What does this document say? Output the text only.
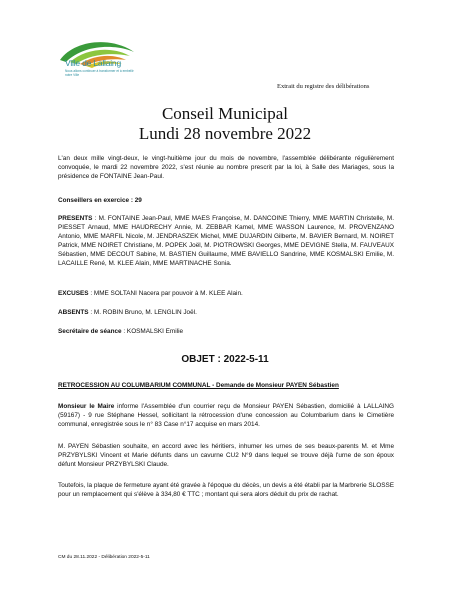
Ville de Lallaing
Nous allons continuer à transformer et à embellir notre Ville
Extrait du registre des délibérations
Conseil Municipal
Lundi 28 novembre 2022
L'an deux mille vingt-deux, le vingt-huitième jour du mois de novembre, l'assemblée délibérante régulièrement convoquée, le mardi 22 novembre 2022, s'est réunie au nombre prescrit par la loi, à Salle des Mariages, sous la présidence de FONTAINE Jean-Paul.
Conseillers en exercice : 29
PRESENTS : M. FONTAINE Jean-Paul, MME MAES Françoise, M. DANCOINE Thierry, MME MARTIN Christelle, M. PIESSET Arnaud, MME HAUDRECHY Annie, M. ZEBBAR Kamel, MME WASSON Laurence, M. PROVENZANO Antonio, MME MARFIL Nicole, M. JENDRASZEK Michel, MME DUJARDIN Gilberte, M. BAVIER Bernard, M. NOIRET Patrick, MME NOIRET Christiane, M. POPEK Joël, M. PIOTROWSKI Georges, MME DEVIGNE Stella, M. FAUVEAUX Sébastien, MME DECOUT Sabine, M. BASTIEN Guillaume, MME BAVIELLO Sandrine, MME KOSMALSKI Emilie, M. LACAILLE René, M. KLEE Alain, MME MARTINACHE Sonia.
EXCUSES : MME SOLTANI Nacera par pouvoir à M. KLEE Alain.
ABSENTS : M. ROBIN Bruno, M. LENGLIN Joël.
Secrétaire de séance : KOSMALSKI Emilie
OBJET : 2022-5-11
RETROCESSION AU COLUMBARIUM COMMUNAL - Demande de Monsieur PAYEN Sébastien
Monsieur le Maire informe l'Assemblée d'un courrier reçu de Monsieur PAYEN Sébastien, domicilié à LALLAING (59167) - 9 rue Stéphane Hessel, sollicitant la rétrocession d'une concession au Columbarium dans le Cimetière communal, enregistrée sous le n° 83 Case n°17 acquise en mars 2014.
M. PAYEN Sébastien souhaite, en accord avec les héritiers, inhumer les urnes de ses beaux-parents M. et Mme PRZYBYLSKI Vincent et Marie défunts dans un cavurne CU2 N°9 dans lequel se trouve déjà l'urne de son époux défunt Monsieur PRZYBYLSKI Claude.
Toutefois, la plaque de fermeture ayant été gravée à l'époque du décès, un devis a été établi par la Marbrerie SLOSSE pour un remplacement qui s'élève à 334,80 € TTC ; montant qui sera alors déduit du prix de rachat.
CM du 28.11.2022 - Délibération 2022-5-11
